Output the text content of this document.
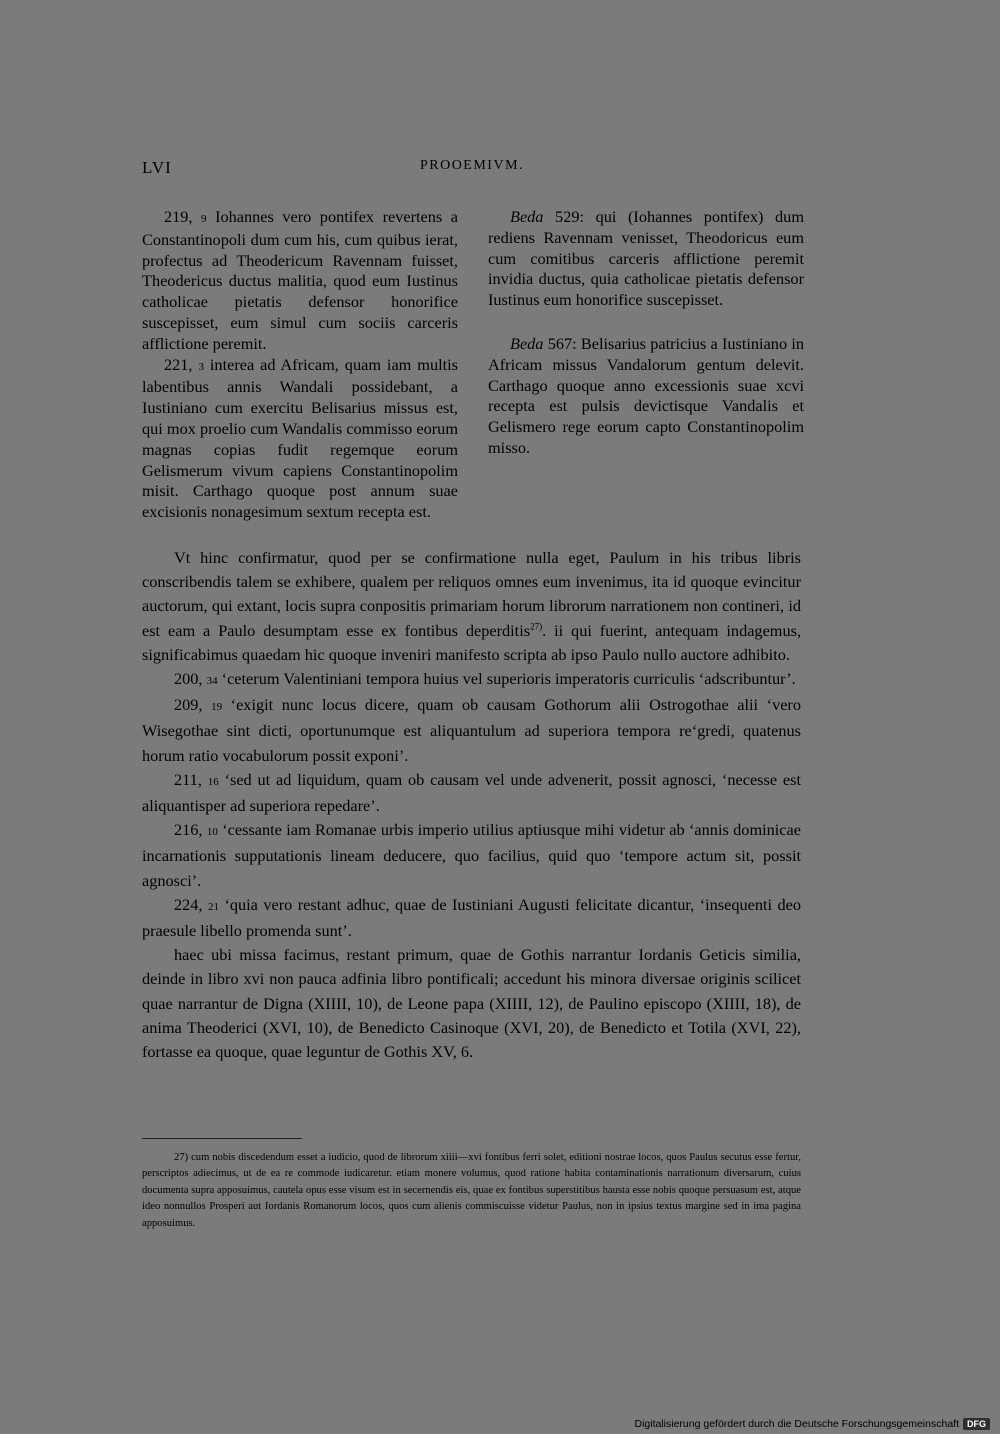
LVI	PROOEMIVM.

219, 9 Iohannes vero pontifex revertens a Constantinopoli dum cum his, cum quibus ierat, profectus ad Theodericum Ravennam fuisset, Theodericus ductus malitia, quod eum Iustinus catholicae pietatis defensor honorifice suscepisset, eum simul cum sociis carceris afflictione peremit.

221, 3 interea ad Africam, quam iam multis labentibus annis Wandali possidebant, a Iustiniano cum exercitu Belisarius missus est, qui mox proelio cum Wandalis commisso eorum magnas copias fudit regemque eorum Gelismerum vivum capiens Constantinopolim misit. Carthago quoque post annum suae excisionis nonagesimum sextum recepta est.

Beda 529: qui (Iohannes pontifex) dum rediens Ravennam venisset, Theodoricus eum cum comitibus carceris afflictione peremit invidia ductus, quia catholicae pietatis defensor Iustinus eum honorifice suscepisset.

Beda 567: Belisarius patricius a Iustiniano in Africam missus Vandalorum gentum delevit. Carthago quoque anno excessionis suae xcvi recepta est pulsis devictisque Vandalis et Gelismero rege eorum capto Constantinopolim misso.

Vt hinc confirmatur, quod per se confirmatione nulla eget, Paulum in his tribus libris conscribendis talem se exhibere, qualem per reliquos omnes eum invenimus, ita id quoque evincitur auctorum, qui extant, locis supra conpositis primariam horum librorum narrationem non contineri, id est eam a Paulo desumptam esse ex fontibus deperditis$^{27)}$. ii qui fuerint, antequam indagemus, significabimus quaedam hic quoque inveniri manifesto scripta ab ipso Paulo nullo auctore adhibito.

200, 34 ‘ceterum Valentiniani tempora huius vel superioris imperatoris curriculis ‘adscribuntur’.

209, 19 ‘exigit nunc locus dicere, quam ob causam Gothorum alii Ostrogothae alii ‘vero Wisegothae sint dicti, oportunumque est aliquantulum ad superiora tempora re‘gredi, quatenus horum ratio vocabulorum possit exponi’.

211, 16 ‘sed ut ad liquidum, quam ob causam vel unde advenerit, possit agnosci, ‘necesse est aliquantisper ad superiora repedare’.

216, 10 ‘cessante iam Romanae urbis imperio utilius aptiusque mihi videtur ab ‘annis dominicae incarnationis supputationis lineam deducere, quo facilius, quid quo ‘tempore actum sit, possit agnosci’.

224, 21 ‘quia vero restant adhuc, quae de Iustiniani Augusti felicitate dicantur, ‘insequenti deo praesule libello promenda sunt’.

haec ubi missa facimus, restant primum, quae de Gothis narrantur Iordanis Geticis similia, deinde in libro xvi non pauca adfinia libro pontificali; accedunt his minora diversae originis scilicet quae narrantur de Digna (XIIII, 10), de Leone papa (XIIII, 12), de Paulino episcopo (XIIII, 18), de anima Theoderici (XVI, 10), de Benedicto Casinoque (XVI, 20), de Benedicto et Totila (XVI, 22), fortasse ea quoque, quae leguntur de Gothis XV, 6.

27) cum nobis discedendum esset a iudicio, quod de librorum xiiii—xvi fontibus ferri solet, editioni nostrae locos, quos Paulus secutus esse fertur, perscriptos adiecimus, ut de ea re commode iudicaretur. etiam monere volumus, quod ratione habita contaminationis narrationum diversarum, cuius documenta supra apposuimus, cautela opus esse visum est in secernendis eis, quae ex fontibus superstitibus hausta esse nobis quoque persuasum est, atque ideo nonnullos Prosperi aut Iordanis Romanorum locos, quos cum alienis commiscuisse videtur Paulus, non in ipsius textus margine sed in ima pagina apposuimus.

Digitalisierung gefördert durch die Deutsche Forschungsgemeinschaft DFG
